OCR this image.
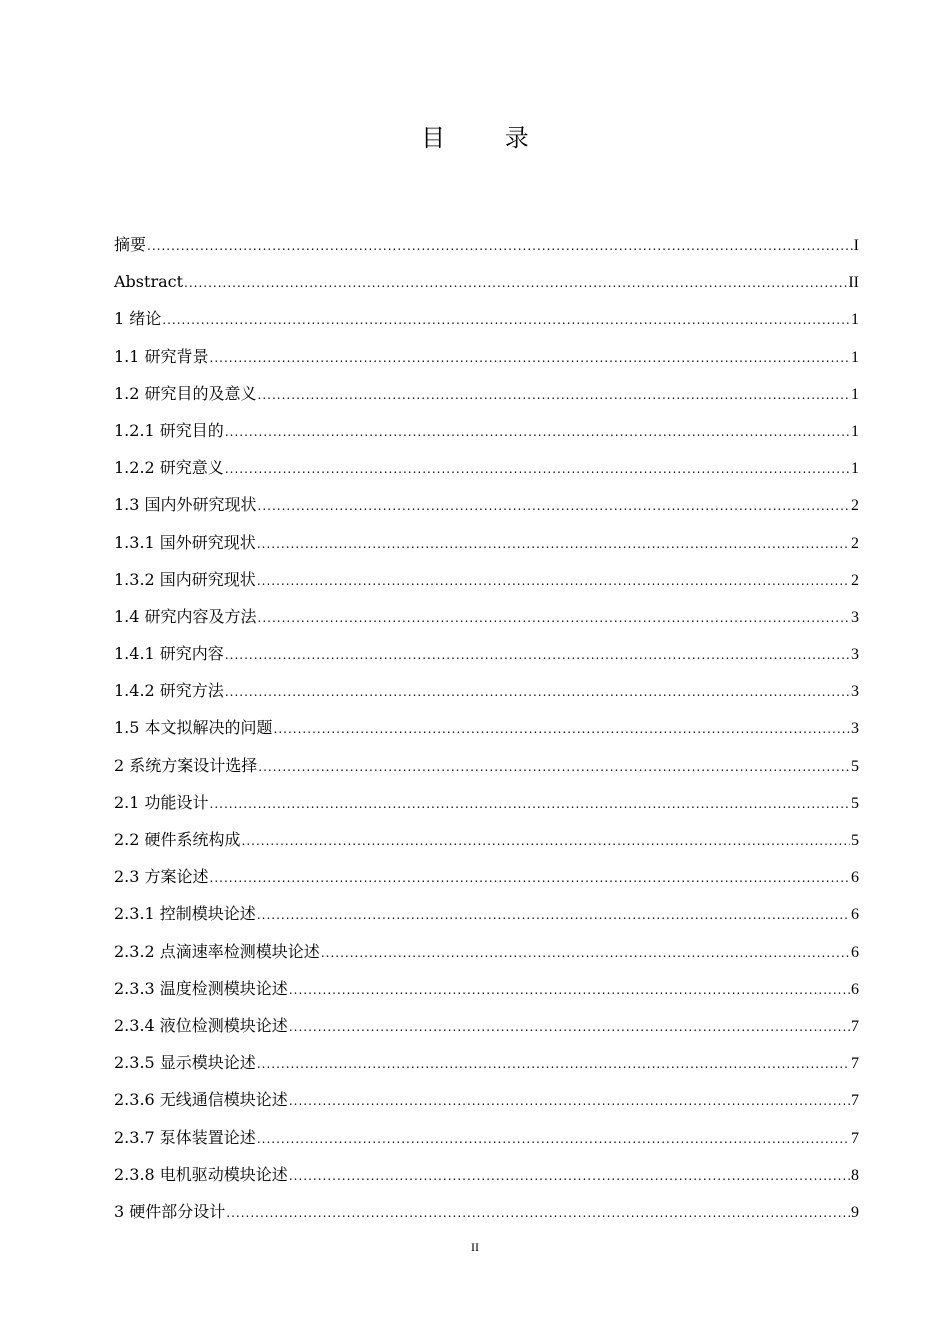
目 录
摘要 .....	I
Abstract .....	II
1 绪论 .....	1
1.1 研究背景 .....	1
1.2 研究目的及意义 .....	1
1.2.1 研究目的 .....	1
1.2.2 研究意义 .....	1
1.3 国内外研究现状 .....	2
1.3.1 国外研究现状 .....	2
1.3.2 国内研究现状 .....	2
1.4 研究内容及方法 .....	3
1.4.1 研究内容 .....	3
1.4.2 研究方法 .....	3
1.5 本文拟解决的问题 .....	3
2 系统方案设计选择 .....	5
2.1 功能设计 .....	5
2.2 硬件系统构成 .....	5
2.3 方案论述 .....	6
2.3.1 控制模块论述 .....	6
2.3.2 点滴速率检测模块论述 .....	6
2.3.3 温度检测模块论述 .....	6
2.3.4 液位检测模块论述 .....	7
2.3.5 显示模块论述 .....	7
2.3.6 无线通信模块论述 .....	7
2.3.7 泵体装置论述 .....	7
2.3.8 电机驱动模块论述 .....	8
3 硬件部分设计 .....	9
II
